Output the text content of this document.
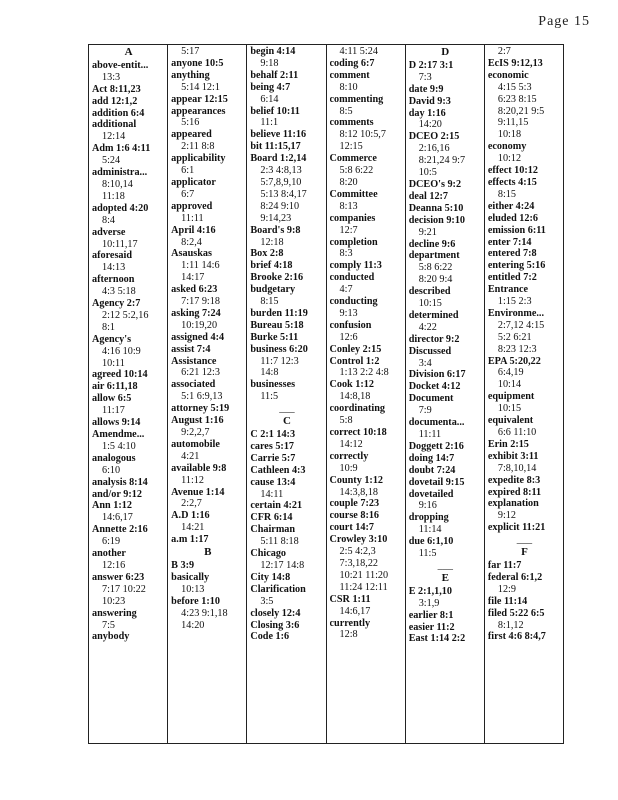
Page 15
A
above-entit...
13:3
Act 8:11,23
add 12:1,2
addition 6:4
additional
12:14
Adm 1:6 4:11
5:24
administra...
8:10,14
11:18
adopted 4:20
8:4
adverse
10:11,17
aforesaid
14:13
afternoon
4:3 5:18
Agency 2:7
2:12 5:2,16
8:1
Agency's
4:16 10:9
10:11
agreed 10:14
air 6:11,18
allow 6:5
11:17
allows 9:14
Amendme...
1:5 4:10
analogous
6:10
analysis 8:14
and/or 9:12
Ann 1:12
14:6,17
Annette 2:16
6:19
another
12:16
answer 6:23
7:17 10:22
10:23
answering
7:5
anybody
5:17
anyone 10:5
anything
5:14 12:1
appear 12:15
appearances
5:16
appeared
2:11 8:8
applicability
6:1
applicator
6:7
approved
11:11
April 4:16
8:2,4
Asauskas
1:11 14:6
14:17
asked 6:23
7:17 9:18
asking 7:24
10:19,20
assigned 4:4
assist 7:4
Assistance
6:21 12:3
associated
5:1 6:9,13
attorney 5:19
August 1:16
9:2,2,7
automobile
4:21
available 9:8
11:12
Avenue 1:14
2:2,7
A.D 1:16
14:21
a.m 1:17
B
B 3:9
basically
10:13
before 1:10
4:23 9:1,18
14:20
begin 4:14
9:18
behalf 2:11
being 4:7
6:14
belief 10:11
11:1
believe 11:16
bit 11:15,17
Board 1:2,14
2:3 4:8,13
5:7,8,9,10
5:13 8:4,17
8:24 9:10
9:14,23
Board's 9:8
12:18
Box 2:8
brief 4:18
Brooke 2:16
budgetary
8:15
burden 11:19
Bureau 5:18
Burke 5:11
business 6:20
11:7 12:3
14:8
businesses
11:5
___
C
C 2:1 14:3
cares 5:17
Carrie 5:7
Cathleen 4:3
cause 13:4
14:11
certain 4:21
CFR 6:14
Chairman
5:11 8:18
Chicago
12:17 14:8
City 14:8
Clarification
3:5
closely 12:4
Closing 3:6
Code 1:6
4:11 5:24
coding 6:7
comment
8:10
commenting
8:5
comments
8:12 10:5,7
12:15
Commerce
5:8 6:22
8:20
Committee
8:13
companies
12:7
completion
8:3
comply 11:3
conducted
4:7
conducting
9:13
confusion
12:6
Conley 2:15
Control 1:2
1:13 2:2 4:8
Cook 1:12
14:8,18
coordinating
5:8
correct 10:18
14:12
correctly
10:9
County 1:12
14:3,8,18
couple 7:23
course 8:16
court 14:7
Crowley 3:10
2:5 4:2,3
7:3,18,22
10:21 11:20
11:24 12:11
CSR 1:11
14:6,17
currently
12:8
D
D 2:17 3:1
7:3
date 9:9
David 9:3
day 1:16
14:20
DCEO 2:15
2:16,16
8:21,24 9:7
10:5
DCEO's 9:2
deal 12:7
Deanna 5:10
decision 9:10
9:21
decline 9:6
department
5:8 6:22
8:20 9:4
described
10:15
determined
4:22
director 9:2
Discussed
3:4
Division 6:17
Docket 4:12
Document
7:9
documenta...
11:11
Doggett 2:16
doing 14:7
doubt 7:24
dovetail 9:15
dovetailed
9:16
dropping
11:14
due 6:1,10
11:5
___
E
E 2:1,1,10
3:1,9
earlier 8:1
easier 11:2
East 1:14 2:2
2:7
EcIS 9:12,13
economic
4:15 5:3
6:23 8:15
8:20,21 9:5
9:11,15
10:18
economy
10:12
effect 10:12
effects 4:15
8:15
either 4:24
eluded 12:6
emission 6:11
enter 7:14
entered 7:8
entering 5:16
entitled 7:2
Entrance
1:15 2:3
Environme...
2:7,12 4:15
5:2 6:21
8:23 12:3
EPA 5:20,22
6:4,19
10:14
equipment
10:15
equivalent
6:6 11:10
Erin 2:15
exhibit 3:11
7:8,10,14
expedite 8:3
expired 8:11
explanation
9:12
explicit 11:21
___
F
far 11:7
federal 6:1,2
12:9
file 11:14
filed 5:22 6:5
8:1,12
first 4:6 8:4,7
